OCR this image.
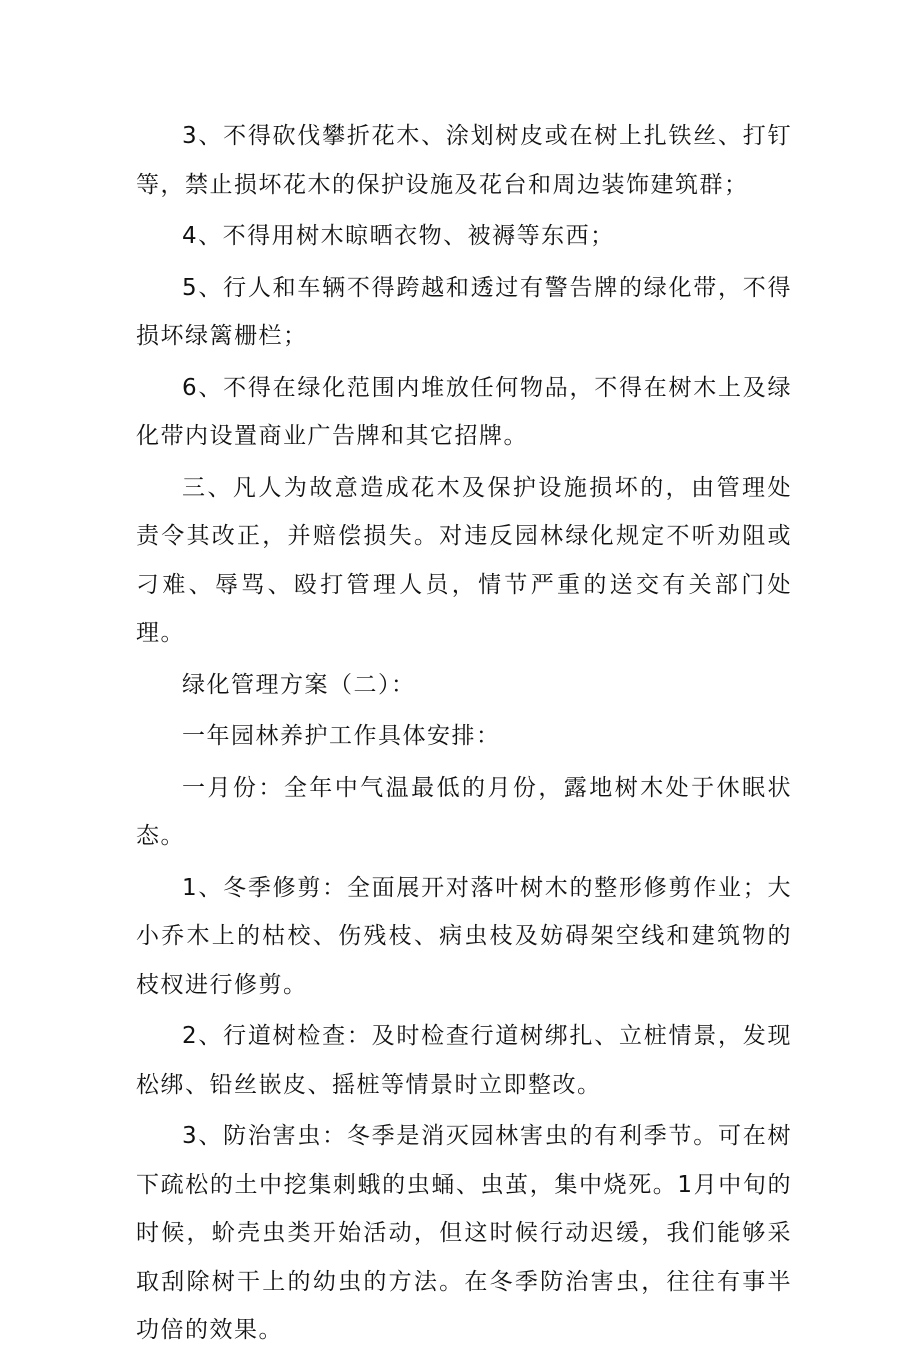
3、不得砍伐攀折花木、涂划树皮或在树上扎铁丝、打钉等，禁止损坏花木的保护设施及花台和周边装饰建筑群；

4、不得用树木晾晒衣物、被褥等东西；

5、行人和车辆不得跨越和透过有警告牌的绿化带，不得损坏绿篱栅栏；

6、不得在绿化范围内堆放任何物品，不得在树木上及绿化带内设置商业广告牌和其它招牌。

三、凡人为故意造成花木及保护设施损坏的，由管理处责令其改正，并赔偿损失。对违反园林绿化规定不听劝阻或刁难、辱骂、殴打管理人员，情节严重的送交有关部门处理。

绿化管理方案（二）：

一年园林养护工作具体安排：

一月份：全年中气温最低的月份，露地树木处于休眠状态。

1、冬季修剪：全面展开对落叶树木的整形修剪作业；大小乔木上的枯校、伤残枝、病虫枝及妨碍架空线和建筑物的枝杈进行修剪。

2、行道树检查：及时检查行道树绑扎、立桩情景，发现松绑、铅丝嵌皮、摇桩等情景时立即整改。

3、防治害虫：冬季是消灭园林害虫的有利季节。可在树下疏松的土中挖集刺蛾的虫蛹、虫茧，集中烧死。1月中旬的时候，蚧壳虫类开始活动，但这时候行动迟缓，我们能够采取刮除树干上的幼虫的方法。在冬季防治害虫，往往有事半功倍的效果。
